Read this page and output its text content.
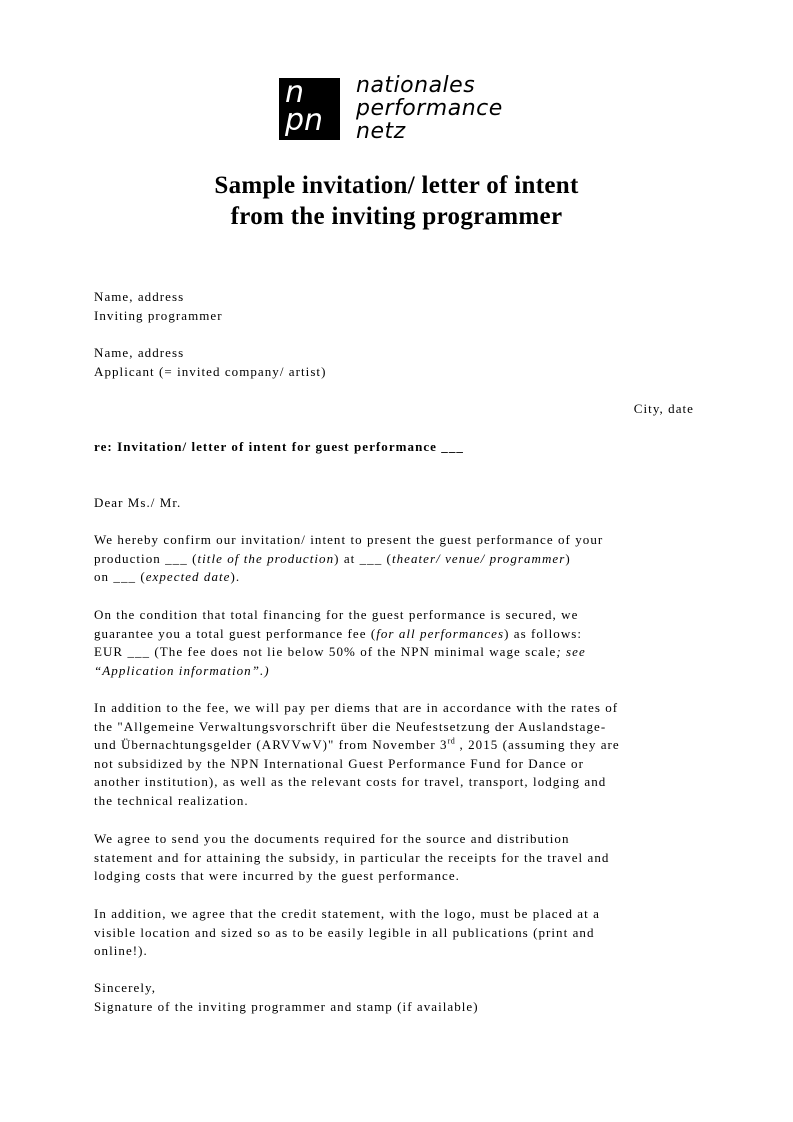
n
pn
nationales
performance
netz
Sample invitation/ letter of intent
from the inviting programmer
Name, address
Inviting programmer
Name, address
Applicant (= invited company/ artist)
City, date
re: Invitation/ letter of intent for guest performance ___
Dear Ms./ Mr.
We hereby confirm our invitation/ intent to present the guest performance of your
production ___ (title of the production) at ___ (theater/ venue/ programmer)
on ___ (expected date).
On the condition that total financing for the guest performance is secured, we
guarantee you a total guest performance fee (for all performances) as follows:
EUR ___ (The fee does not lie below 50% of the NPN minimal wage scale; see
“Application information”.)
In addition to the fee, we will pay per diems that are in accordance with the rates of
the "Allgemeine Verwaltungsvorschrift über die Neufestsetzung der Auslandstage-
und Übernachtungsgelder (ARVVwV)" from November 3rd , 2015 (assuming they are
not subsidized by the NPN International Guest Performance Fund for Dance or
another institution), as well as the relevant costs for travel, transport, lodging and
the technical realization.
We agree to send you the documents required for the source and distribution
statement and for attaining the subsidy, in particular the receipts for the travel and
lodging costs that were incurred by the guest performance.
In addition, we agree that the credit statement, with the logo, must be placed at a
visible location and sized so as to be easily legible in all publications (print and
online!).
Sincerely,
Signature of the inviting programmer and stamp (if available)
